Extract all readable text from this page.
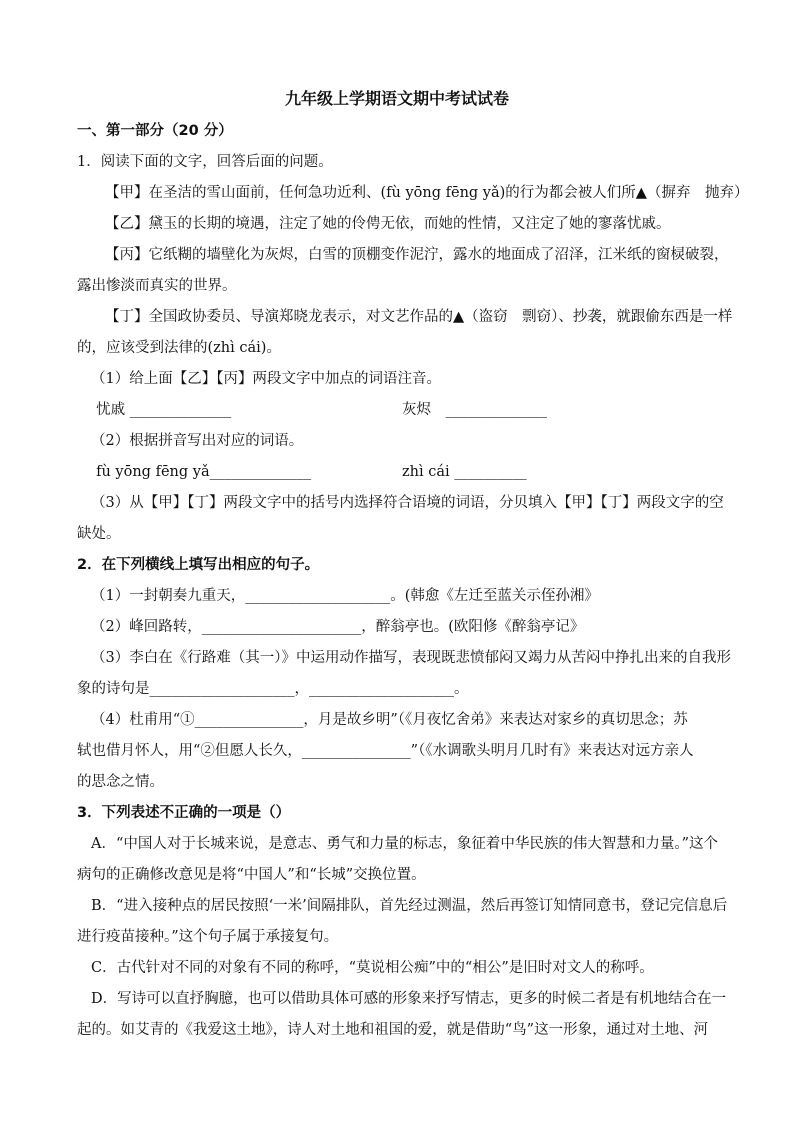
九年级上学期语文期中考试试卷
一、第一部分（20 分）
1．阅读下面的文字，回答后面的问题。
【甲】在圣洁的雪山面前，任何急功近利、(fù yōng fēng yǎ)的行为都会被人们所▲（摒弃　抛弃）
【乙】黛玉的长期的境遇，注定了她的伶俜无依，而她的性情，又注定了她的寥落忧戚。
【丙】它纸糊的墙壁化为灰烬，白雪的顶棚变作泥泞，露水的地面成了沼泽，江米纸的窗棂破裂，
露出惨淡而真实的世界。
【丁】全国政协委员、导演郑晓龙表示，对文艺作品的▲（盗窃　剽窃）、抄袭，就跟偷东西是一样
的，应该受到法律的(zhì cái)。
（1）给上面【乙】【丙】两段文字中加点的词语注音。
　 忧戚 ______________	灰烬　______________
（2）根据拼音写出对应的词语。
　 fù yōng fēng yǎ______________	zhì cái __________
（3）从【甲】【丁】两段文字中的括号内选择符合语境的词语，分贝填入【甲】【丁】两段文字的空
缺处。
2．在下列横线上填写出相应的句子。
（1）一封朝奏九重天，____________________。(韩愈《左迁至蓝关示侄孙湘》
（2）峰回路转，______________________，醉翁亭也。(欧阳修《醉翁亭记》
（3）李白在《行路难（其一）》中运用动作描写，表现既悲愤郁闷又竭力从苦闷中挣扎出来的自我形
象的诗句是____________________，____________________。
（4）杜甫用“①_______________，月是故乡明”（《月夜忆舍弟》来表达对家乡的真切思念；苏
轼也借月怀人，用“②但愿人长久，_______________”（《水调歌头明月几时有》来表达对远方亲人
的思念之情。
3．下列表述不正确的一项是（）
A．“中国人对于长城来说，是意志、勇气和力量的标志，象征着中华民族的伟大智慧和力量。”这个
病句的正确修改意见是将“中国人”和“长城”交换位置。
B．“进入接种点的居民按照‘一米’间隔排队，首先经过测温，然后再签订知情同意书，登记完信息后
进行疫苗接种。”这个句子属于承接复句。
C．古代针对不同的对象有不同的称呼，“莫说相公痴”中的“相公”是旧时对文人的称呼。
D．写诗可以直抒胸臆，也可以借助具体可感的形象来抒写情志，更多的时候二者是有机地结合在一
起的。如艾青的《我爱这土地》，诗人对土地和祖国的爱，就是借助“鸟”这一形象，通过对土地、河
